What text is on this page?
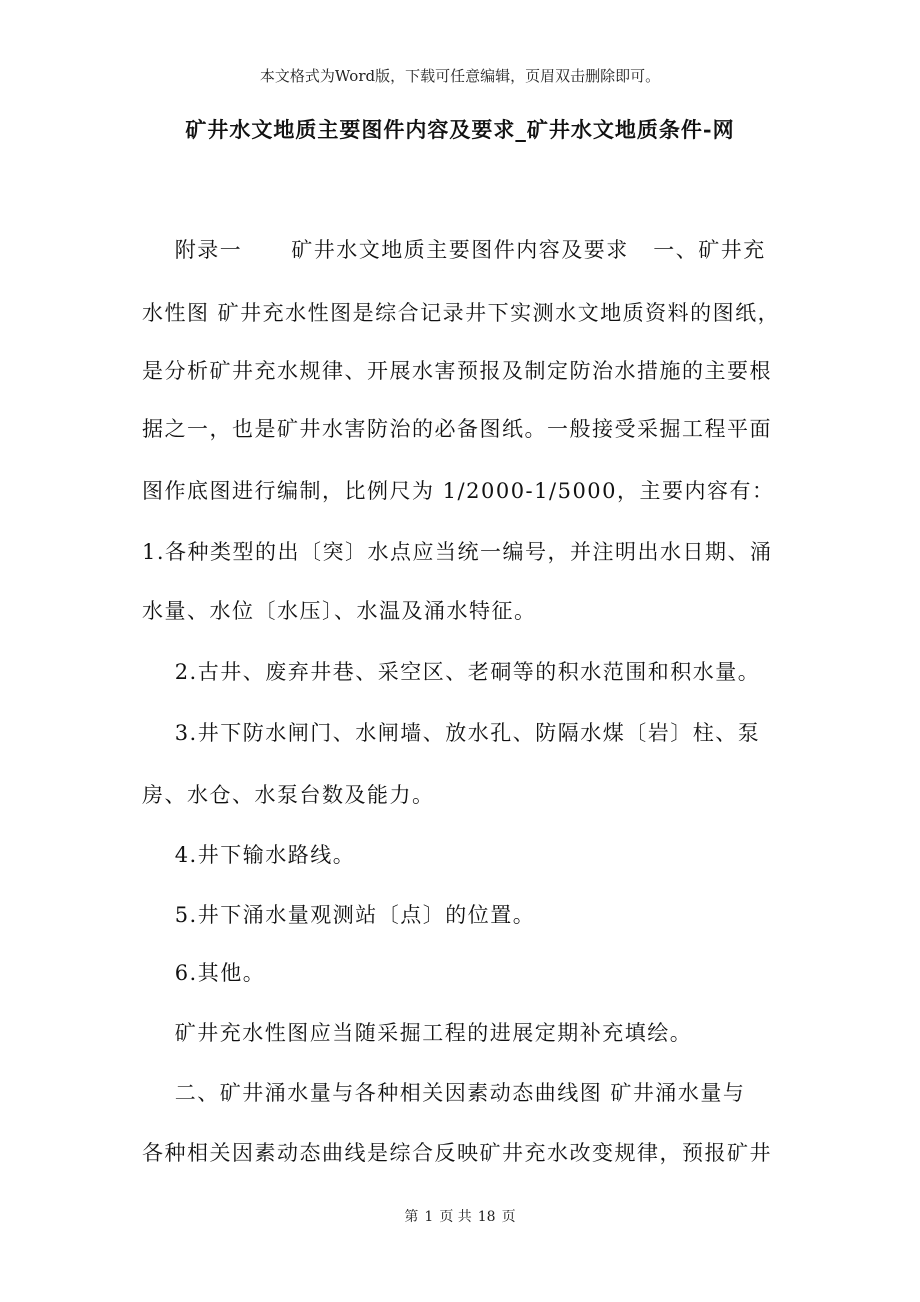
本文格式为Word版，下载可任意编辑，页眉双击删除即可。
矿井水文地质主要图件内容及要求_矿井水文地质条件-网
附录一      矿井水文地质主要图件内容及要求   一、矿井充
水性图 矿井充水性图是综合记录井下实测水文地质资料的图纸，
是分析矿井充水规律、开展水害预报及制定防治水措施的主要根
据之一，也是矿井水害防治的必备图纸。一般接受采掘工程平面
图作底图进行编制，比例尺为 1/2000-1/5000，主要内容有：
1.各种类型的出〔突〕水点应当统一编号，并注明出水日期、涌
水量、水位〔水压〕、水温及涌水特征。
2.古井、废弃井巷、采空区、老硐等的积水范围和积水量。
3.井下防水闸门、水闸墙、放水孔、防隔水煤〔岩〕柱、泵
房、水仓、水泵台数及能力。
4.井下输水路线。
5.井下涌水量观测站〔点〕的位置。
6.其他。
矿井充水性图应当随采掘工程的进展定期补充填绘。
二、矿井涌水量与各种相关因素动态曲线图 矿井涌水量与
各种相关因素动态曲线是综合反映矿井充水改变规律，预报矿井
第 1 页 共 18 页
